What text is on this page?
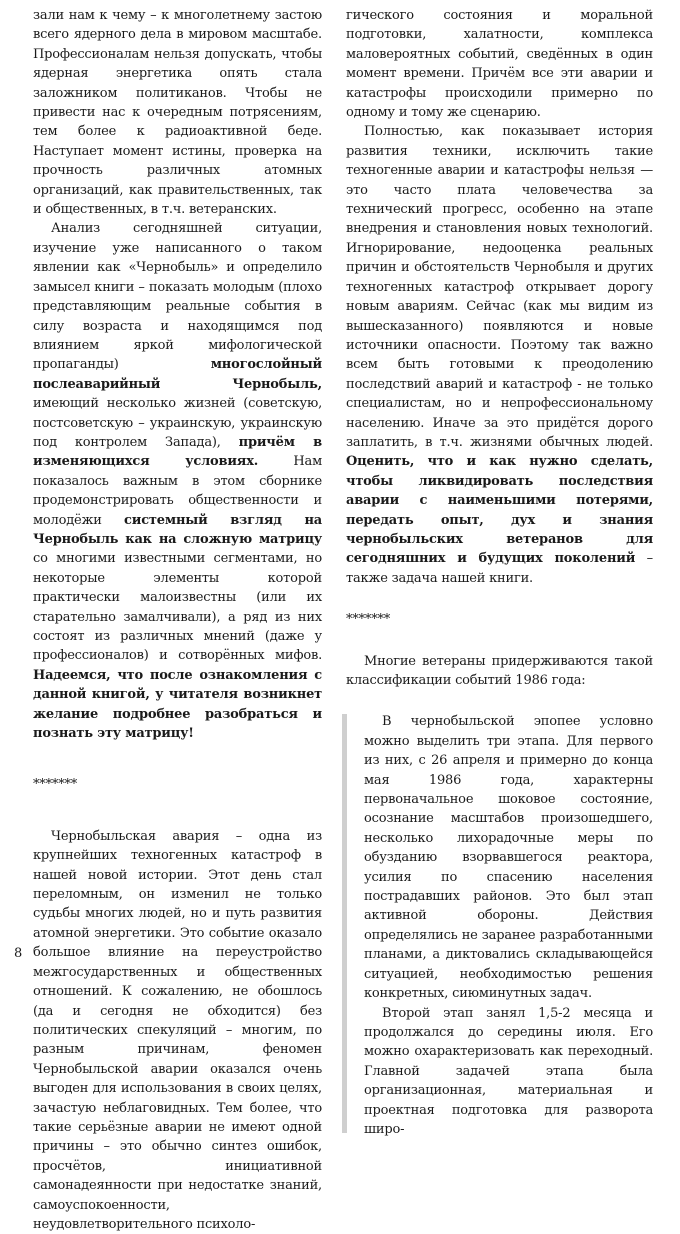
зали нам к чему – к многолетнему застою всего ядерного дела в мировом масштабе. Профессионалам нельзя допускать, чтобы ядерная энергетика опять стала заложником политиканов. Чтобы не привести нас к очередным потрясениям, тем более к радиоактивной беде. Наступает момент истины, проверка на прочность различных атомных организаций, как правительственных, так и общественных, в т.ч. ветеранских.

Анализ сегодняшней ситуации, изучение уже написанного о таком явлении как «Чернобыль» и определило замысел книги – показать молодым (плохо представляющим реальные события в силу возраста и находящимся под влиянием яркой мифологической пропаганды) многослойный послеаварийный Чернобыль, имеющий несколько жизней (советскую, постсоветскую – украинскую, украинскую под контролем Запада), причём в изменяющихся условиях. Нам показалось важным в этом сборнике продемонстрировать общественности и молодёжи системный взгляд на Чернобыль как на сложную матрицу со многими известными сегментами, но некоторые элементы которой практически малоизвестны (или их старательно замалчивали), а ряд из них состоят из различных мнений (даже у профессионалов) и сотворённых мифов. Надеемся, что после ознакомления с данной книгой, у читателя возникнет желание подробнее разобраться и познать эту матрицу!

*******

Чернобыльская авария – одна из крупнейших техногенных катастроф в нашей новой истории. Этот день стал переломным, он изменил не только судьбы многих людей, но и путь развития атомной энергетики. Это событие оказало большое влияние на переустройство межгосударственных и общественных отношений. К сожалению, не обошлось (да и сегодня не обходится) без политических спекуляций – многим, по разным причинам, феномен Чернобыльской аварии оказался очень выгоден для использования в своих целях, зачастую неблаговидных. Тем более, что такие серьёзные аварии не имеют одной причины – это обычно синтез ошибок, просчётов, инициативной самонадеянности при недостатке знаний, самоуспокоенности, неудовлетворительного психоло-

гического состояния и моральной подготовки, халатности, комплекса маловероятных событий, сведённых в один момент времени. Причём все эти аварии и катастрофы происходили примерно по одному и тому же сценарию.

Полностью, как показывает история развития техники, исключить такие техногенные аварии и катастрофы нельзя — это часто плата человечества за технический прогресс, особенно на этапе внедрения и становления новых технологий. Игнорирование, недооценка реальных причин и обстоятельств Чернобыля и других техногенных катастроф открывает дорогу новым авариям. Сейчас (как мы видим из вышесказанного) появляются и новые источники опасности. Поэтому так важно всем быть готовыми к преодолению последствий аварий и катастроф - не только специалистам, но и непрофессиональному населению. Иначе за это придётся дорого заплатить, в т.ч. жизнями обычных людей. Оценить, что и как нужно сделать, чтобы ликвидировать последствия аварии с наименьшими потерями, передать опыт, дух и знания чернобыльских ветеранов для сегодняшних и будущих поколений – также задача нашей книги.

*******

Многие ветераны придерживаются такой классификации событий 1986 года:

В чернобыльской эпопее условно можно выделить три этапа. Для первого из них, с 26 апреля и примерно до конца мая 1986 года, характерны первоначальное шоковое состояние, осознание масштабов произошедшего, несколько лихорадочные меры по обузданию взорвавшегося реактора, усилия по спасению населения пострадавших районов. Это был этап активной обороны. Действия определялись не заранее разработанными планами, а диктовались складывающейся ситуацией, необходимостью решения конкретных, сиюминутных задач.

Второй этап занял 1,5-2 месяца и продолжался до середины июля. Его можно охарактеризовать как переходный. Главной задачей этапа была организационная, материальная и проектная подготовка для разворота широ-

8
